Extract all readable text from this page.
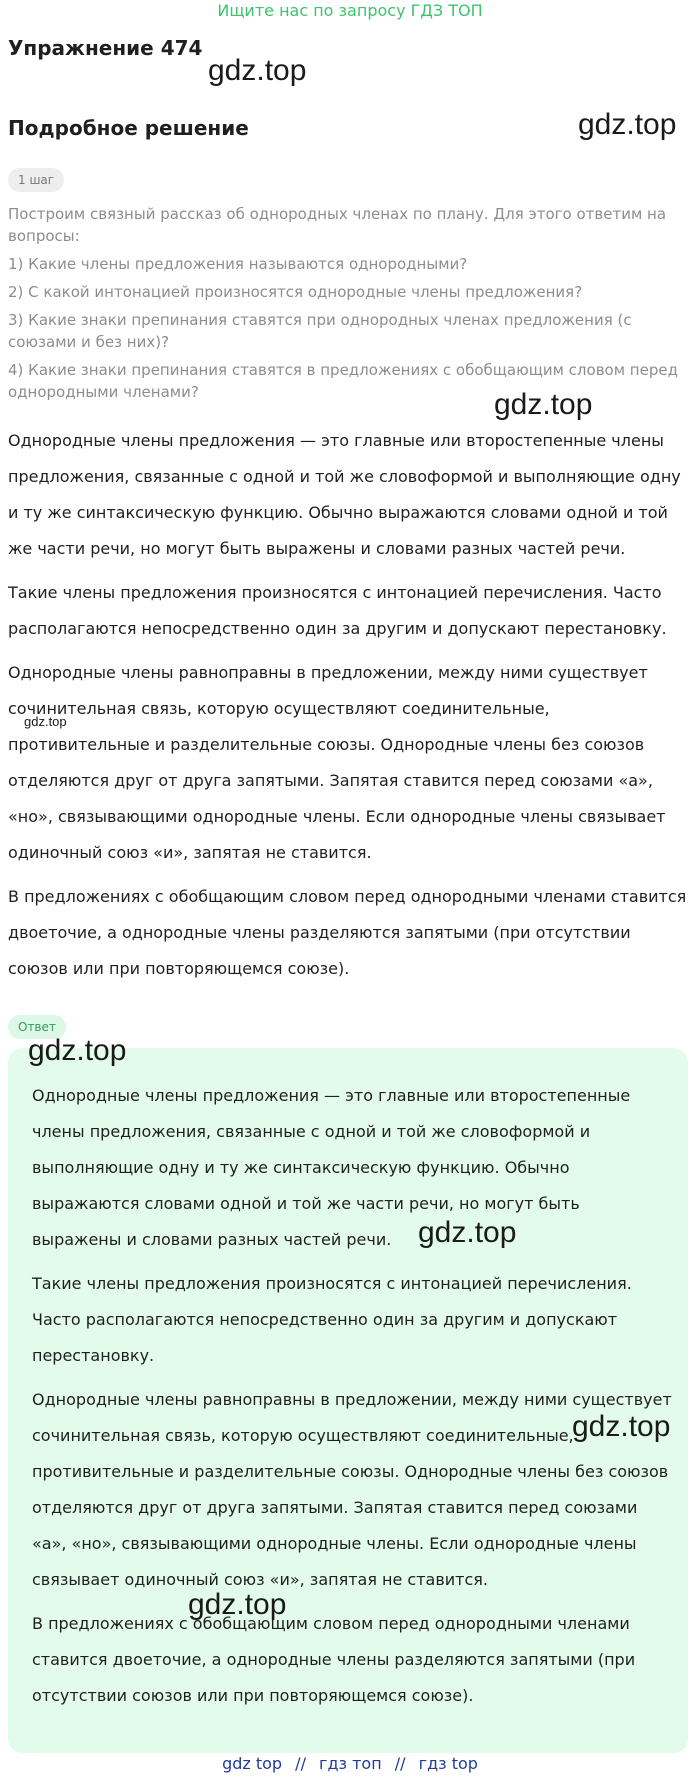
Ищите нас по запросу ГДЗ ТОП
Упражнение 474
Подробное решение
1 шаг

Построим связный рассказ об однородных членах по плану. Для этого ответим на вопросы:

1) Какие члены предложения называются однородными?

2) С какой интонацией произносятся однородные члены предложения?

3) Какие знаки препинания ставятся при однородных членах предложения (с союзами и без них)?

4) Какие знаки препинания ставятся в предложениях с обобщающим словом перед однородными членами?

Однородные члены предложения — это главные или второстепенные члены предложения, связанные с одной и той же словоформой и выполняющие одну и ту же синтаксическую функцию. Обычно выражаются словами одной и той же части речи, но могут быть выражены и словами разных частей речи.

Такие члены предложения произносятся с интонацией перечисления. Часто располагаются непосредственно один за другим и допускают перестановку.

Однородные члены равноправны в предложении, между ними существует сочинительная связь, которую осуществляют соединительные, противительные и разделительные союзы. Однородные члены без союзов отделяются друг от друга запятыми. Запятая ставится перед союзами «а», «но», связывающими однородные члены. Если однородные члены связывает одиночный союз «и», запятая не ставится.

В предложениях с обобщающим словом перед однородными членами ставится двоеточие, а однородные члены разделяются запятыми (при отсутствии союзов или при повторяющемся союзе).

Ответ

Однородные члены предложения — это главные или второстепенные члены предложения, связанные с одной и той же словоформой и выполняющие одну и ту же синтаксическую функцию. Обычно выражаются словами одной и той же части речи, но могут быть выражены и словами разных частей речи.

Такие члены предложения произносятся с интонацией перечисления. Часто располагаются непосредственно один за другим и допускают перестановку.

Однородные члены равноправны в предложении, между ними существует сочинительная связь, которую осуществляют соединительные, противительные и разделительные союзы. Однородные члены без союзов отделяются друг от друга запятыми. Запятая ставится перед союзами «а», «но», связывающими однородные члены. Если однородные члены связывает одиночный союз «и», запятая не ставится.

В предложениях с обобщающим словом перед однородными членами ставится двоеточие, а однородные члены разделяются запятыми (при отсутствии союзов или при повторяющемся союзе).

gdz.top
gdz.top
gdz.top
gdz.top
gdz.top
gdz.top
gdz.top
gdz.top
gdz top // гдз топ // гдз top
